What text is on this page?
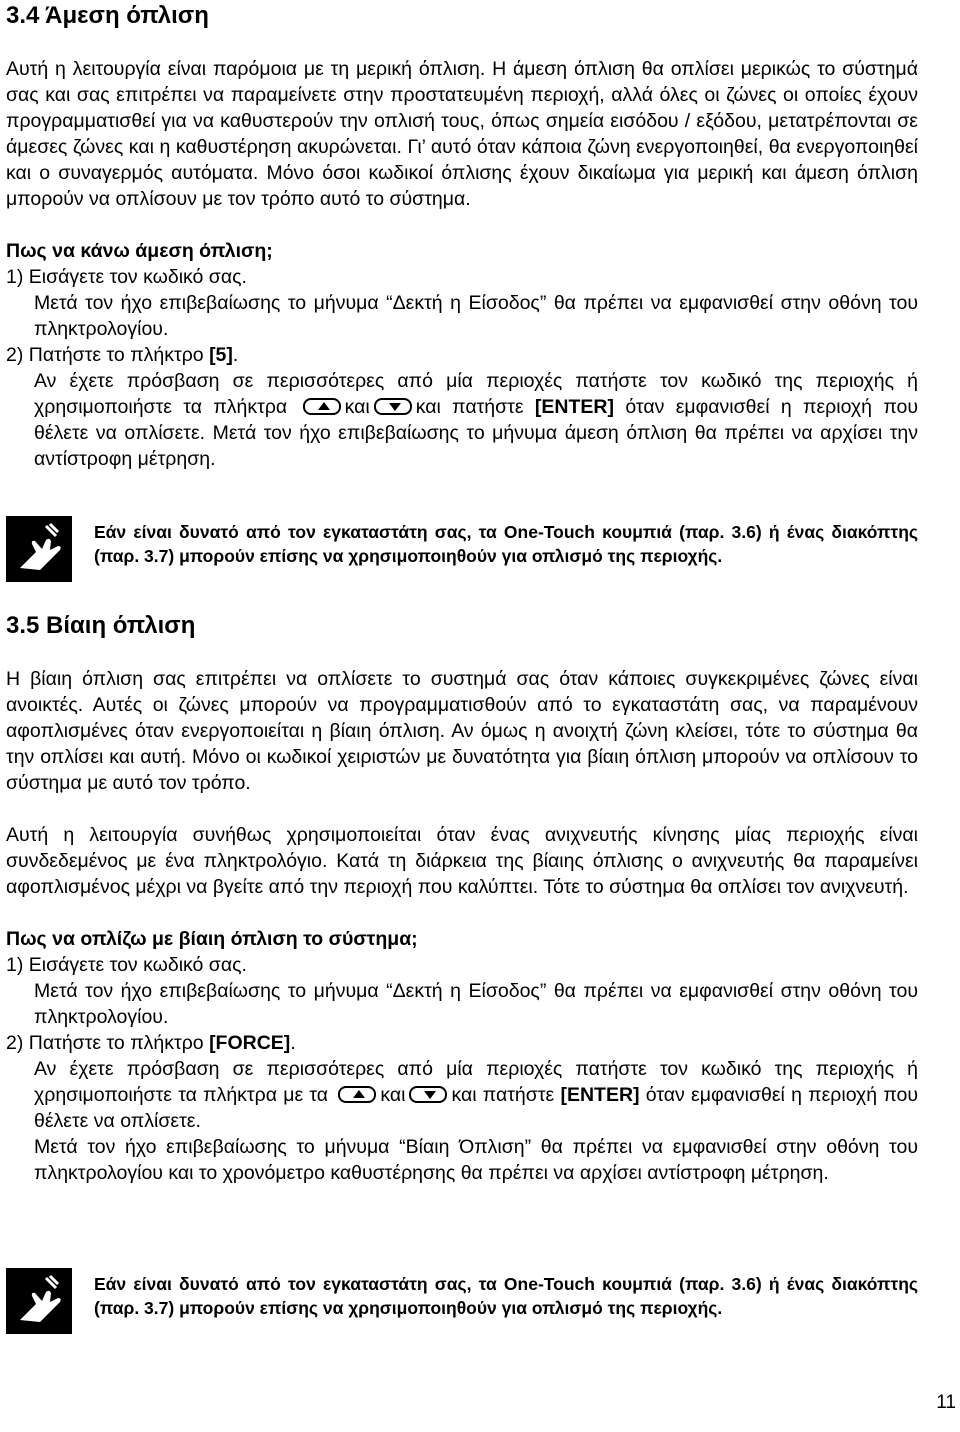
3.4 Άμεση όπλιση

Αυτή η λειτουργία είναι παρόμοια με τη μερική όπλιση. Η άμεση όπλιση θα οπλίσει μερικώς το σύστημά σας και σας επιτρέπει να παραμείνετε στην προστατευμένη περιοχή, αλλά όλες οι ζώνες οι οποίες έχουν προγραμματισθεί για να καθυστερούν την οπλισή τους, όπως σημεία εισόδου / εξόδου, μετατρέπονται σε άμεσες ζώνες και η καθυστέρηση ακυρώνεται. Γι’ αυτό όταν κάποια ζώνη ενεργοποιηθεί, θα ενεργοποιηθεί και ο συναγερμός αυτόματα. Μόνο όσοι κωδικοί όπλισης έχουν δικαίωμα για μερική και άμεση όπλιση μπορούν να οπλίσουν με τον τρόπο αυτό το σύστημα.

Πως να κάνω άμεση όπλιση;

1) Εισάγετε τον κωδικό σας.

Μετά τον ήχο επιβεβαίωσης το μήνυμα “Δεκτή η Είσοδος” θα πρέπει να εμφανισθεί στην οθόνη του πληκτρολογίου.

2) Πατήστε το πλήκτρο [5].

Αν έχετε πρόσβαση σε περισσότερες από μία περιοχές πατήστε τον κωδικό της περιοχής ή χρησιμοποιήστε τα πλήκτρα	και και πατήστε [ENTER] όταν εμφανισθεί η περιοχή που θέλετε να οπλίσετε. Μετά τον ήχο επιβεβαίωσης το μήνυμα άμεση όπλιση θα πρέπει να αρχίσει την αντίστροφη μέτρηση.

Εάν είναι δυνατό από τον εγκαταστάτη σας, τα One-Touch κουμπιά (παρ. 3.6) ή ένας διακόπτης (παρ. 3.7) μπορούν επίσης να χρησιμοποιηθούν για οπλισμό της περιοχής.
3.5 Βίαιη όπλιση

Η βίαιη όπλιση σας επιτρέπει να οπλίσετε το συστημά σας όταν κάποιες συγκεκριμένες ζώνες είναι ανοικτές. Αυτές οι ζώνες μπορούν να προγραμματισθούν από το εγκαταστάτη σας, να παραμένουν αφοπλισμένες όταν ενεργοποιείται η βίαιη όπλιση. Αν όμως η ανοιχτή ζώνη κλείσει, τότε το σύστημα θα την οπλίσει και αυτή. Μόνο οι κωδικοί χειριστών με δυνατότητα για βίαιη όπλιση μπορούν να οπλίσουν το σύστημα με αυτό τον τρόπο.

Αυτή η λειτουργία συνήθως χρησιμοποιείται όταν ένας ανιχνευτής κίνησης μίας περιοχής είναι συνδεδεμένος με ένα πληκτρολόγιο. Κατά τη διάρκεια της βίαιης όπλισης ο ανιχνευτής θα παραμείνει αφοπλισμένος μέχρι να βγείτε από την περιοχή που καλύπτει. Τότε το σύστημα θα οπλίσει τον ανιχνευτή.

Πως να οπλίζω με βίαιη όπλιση το σύστημα;

1) Εισάγετε τον κωδικό σας.

Μετά τον ήχο επιβεβαίωσης το μήνυμα “Δεκτή η Είσοδος” θα πρέπει να εμφανισθεί στην οθόνη του πληκτρολογίου.

2) Πατήστε το πλήκτρο [FORCE].

Αν έχετε πρόσβαση σε περισσότερες από μία περιοχές πατήστε τον κωδικό της περιοχής ή χρησιμοποιήστε τα πλήκτρα με τα	και και πατήστε [ENTER] όταν εμφανισθεί η περιοχή που θέλετε να οπλίσετε.

Μετά τον ήχο επιβεβαίωσης το μήνυμα “Βίαιη Όπλιση” θα πρέπει να εμφανισθεί στην οθόνη του πληκτρολογίου και το χρονόμετρο καθυστέρησης θα πρέπει να αρχίσει αντίστροφη μέτρηση.

Εάν είναι δυνατό από τον εγκαταστάτη σας, τα One-Touch κουμπιά (παρ. 3.6) ή ένας διακόπτης (παρ. 3.7) μπορούν επίσης να χρησιμοποιηθούν για οπλισμό της περιοχής.
11
